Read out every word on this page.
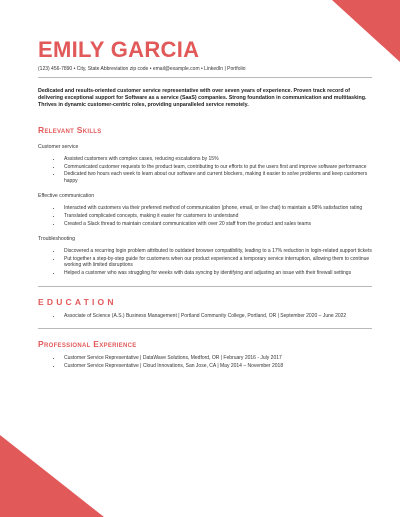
EMILY GARCIA
(123) 456-7890 • City, State Abbreviation zip code • email@example.com • LinkedIn | Portfolio
Dedicated and results-oriented customer service representative with over seven years of experience. Proven track record of delivering exceptional support for Software as a service (SaaS) companies. Strong foundation in communication and multitasking. Thrives in dynamic customer-centric roles, providing unparalleled service remotely.
Relevant Skills
Customer service
• Assisted customers with complex cases, reducing escalations by 15%
• Communicated customer requests to the product team, contributing to our efforts to put the users first and improve software performance
• Dedicated two hours each week to learn about our software and current blockers, making it easier to solve problems and keep customers happy
Effective communication
• Interacted with customers via their preferred method of communication (phone, email, or live chat) to maintain a 98% satisfaction rating
• Translated complicated concepts, making it easier for customers to understand
• Created a Slack thread to maintain constant communication with over 20 staff from the product and sales teams
Troubleshooting
• Discovered a recurring login problem attributed to outdated browser compatibility, leading to a 17% reduction in login-related support tickets
• Put together a step-by-step guide for customers when our product experienced a temporary service interruption, allowing them to continue working with limited disruptions
• Helped a customer who was struggling for weeks with data syncing by identifying and adjusting an issue with their firewall settings
EDUCATION
• Associate of Science (A.S.) Business Management | Portland Community College, Portland, OR | September 2020 – June 2022
Professional Experience
• Customer Service Representative | DataWave Solutions, Medford, OR | February 2016 - July 2017
• Customer Service Representative | Cloud Innovations, San Jose, CA | May 2014 – November 2018
